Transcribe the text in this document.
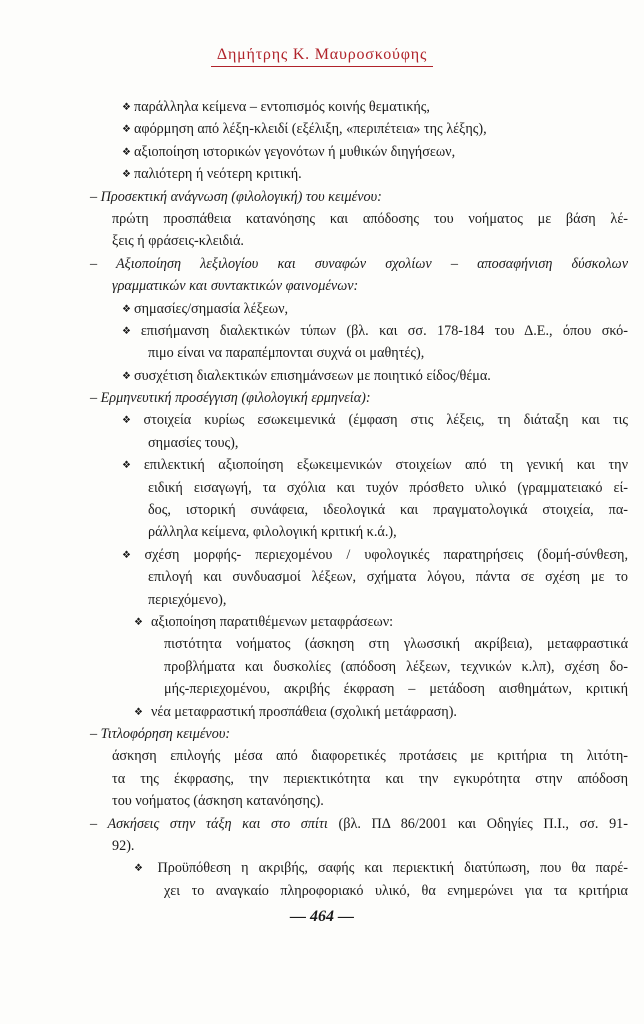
Δημήτρης Κ. Μαυροσκούφης
❖ παράλληλα κείμενα – εντοπισμός κοινής θεματικής,
❖ αφόρμηση από λέξη-κλειδί (εξέλιξη, «περιπέτεια» της λέξης),
❖ αξιοποίηση ιστορικών γεγονότων ή μυθικών διηγήσεων,
❖ παλιότερη ή νεότερη κριτική.
– Προσεκτική ανάγνωση (φιλολογική) του κειμένου:
πρώτη προσπάθεια κατανόησης και απόδοσης του νοήματος με βάση λέ-
ξεις ή φράσεις-κλειδιά.
– Αξιοποίηση λεξιλογίου και συναφών σχολίων – αποσαφήνιση δύσκολων
γραμματικών και συντακτικών φαινομένων:
❖ σημασίες/σημασία λέξεων,
❖ επισήμανση διαλεκτικών τύπων (βλ. και σσ. 178-184 του Δ.Ε., όπου σκό-
πιμο είναι να παραπέμπονται συχνά οι μαθητές),
❖ συσχέτιση διαλεκτικών επισημάνσεων με ποιητικό είδος/θέμα.
– Ερμηνευτική προσέγγιση (φιλολογική ερμηνεία):
❖ στοιχεία κυρίως εσωκειμενικά (έμφαση στις λέξεις, τη διάταξη και τις
σημασίες τους),
❖ επιλεκτική αξιοποίηση εξωκειμενικών στοιχείων από τη γενική και την
ειδική εισαγωγή, τα σχόλια και τυχόν πρόσθετο υλικό (γραμματειακό εί-
δος, ιστορική συνάφεια, ιδεολογικά και πραγματολογικά στοιχεία, πα-
ράλληλα κείμενα, φιλολογική κριτική κ.ά.),
❖ σχέση μορφής- περιεχομένου / υφολογικές παρατηρήσεις (δομή-σύνθεση,
επιλογή και συνδυασμοί λέξεων, σχήματα λόγου, πάντα σε σχέση με το
περιεχόμενο),
❖ αξιοποίηση παρατιθέμενων μεταφράσεων:
πιστότητα νοήματος (άσκηση στη γλωσσική ακρίβεια), μεταφραστικά
προβλήματα και δυσκολίες (απόδοση λέξεων, τεχνικών κ.λπ), σχέση δο-
μής-περιεχομένου, ακριβής έκφραση – μετάδοση αισθημάτων, κριτική
❖ νέα μεταφραστική προσπάθεια (σχολική μετάφραση).
– Τιτλοφόρηση κειμένου:
άσκηση επιλογής μέσα από διαφορετικές προτάσεις με κριτήρια τη λιτότη-
τα της έκφρασης, την περιεκτικότητα και την εγκυρότητα στην απόδοση
του νοήματος (άσκηση κατανόησης).
– Ασκήσεις στην τάξη και στο σπίτι (βλ. ΠΔ 86/2001 και Οδηγίες Π.Ι., σσ. 91-
92).
❖ Προϋπόθεση η ακριβής, σαφής και περιεκτική διατύπωση, που θα παρέ-
χει το αναγκαίο πληροφοριακό υλικό, θα ενημερώνει για τα κριτήρια
— 464 —
